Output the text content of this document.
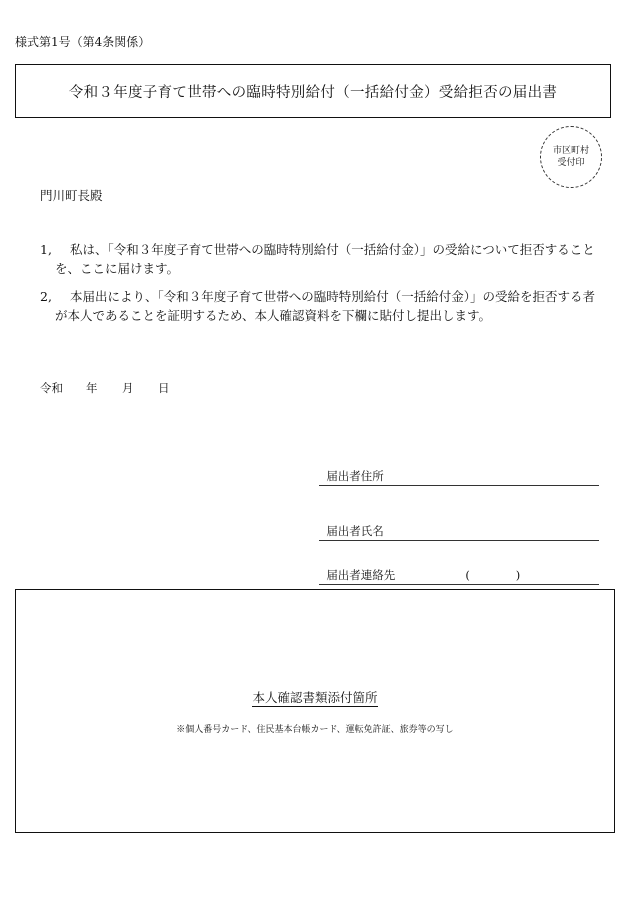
様式第1号（第4条関係）
令和３年度子育て世帯への臨時特別給付（一括給付金）受給拒否の届出書
市区町村
受付印
門川町長殿
1,	私は、「令和３年度子育て世帯への臨時特別給付（一括給付金）」の受給について拒否することを、ここに届けます。
2,	本届出により、「令和３年度子育て世帯への臨時特別給付（一括給付金）」の受給を拒否する者が本人であることを証明するため、本人確認資料を下欄に貼付し提出します。
令和 年 月 日

届出者住所

届出者氏名

届出者連絡先	(　　　　)

本人確認書類添付箇所
※個人番号カード、住民基本台帳カード、運転免許証、旅券等の写し
